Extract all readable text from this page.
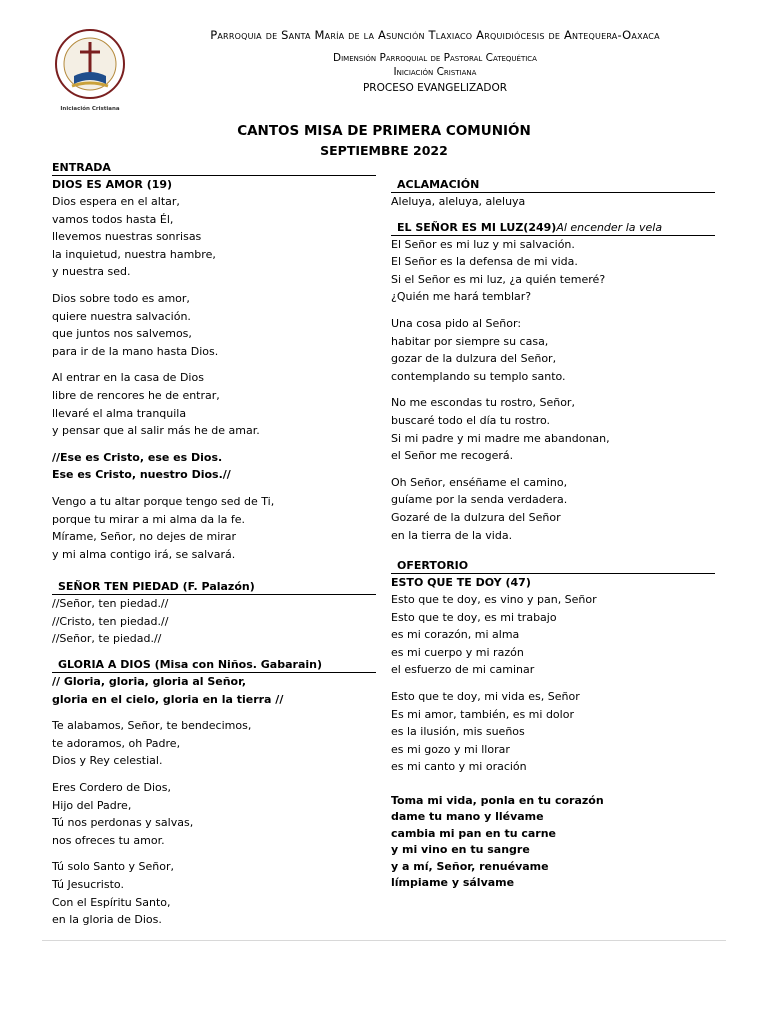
Iniciación Cristiana
Parroquia de Santa María de la Asunción Tlaxiaco Arquidiócesis de Antequera-Oaxaca
Dimensión Parroquial de Pastoral Catequética
Iniciación Cristiana
PROCESO EVANGELIZADOR
CANTOS MISA DE PRIMERA COMUNIÓN
SEPTIEMBRE 2022

ENTRADA

DIOS ES AMOR (19)

Dios espera en el altar,

vamos todos hasta Él,

llevemos nuestras sonrisas

la inquietud, nuestra hambre,

y nuestra sed.

Dios sobre todo es amor,

quiere nuestra salvación.

que juntos nos salvemos,

para ir de la mano hasta Dios.

Al entrar en la casa de Dios

libre de rencores he de entrar,

llevaré el alma tranquila

y pensar que al salir más he de amar.

//Ese es Cristo, ese es Dios.

Ese es Cristo, nuestro Dios.//

Vengo a tu altar porque tengo sed de Ti,

porque tu mirar a mi alma da la fe.

Mírame, Señor, no dejes de mirar

y mi alma contigo irá, se salvará.

SEÑOR TEN PIEDAD (F. Palazón)

//Señor, ten piedad.//

//Cristo, ten piedad.//

//Señor, te piedad.//

GLORIA A DIOS (Misa con Niños. Gabarain)

// Gloria, gloria, gloria al Señor,

gloria en el cielo, gloria en la tierra //

Te alabamos, Señor, te bendecimos,

te adoramos, oh Padre,

Dios y Rey celestial.

Eres Cordero de Dios,

Hijo del Padre,

Tú nos perdonas y salvas,

nos ofreces tu amor.

Tú solo Santo y Señor,

Tú Jesucristo.

Con el Espíritu Santo,

en la gloria de Dios.

ACLAMACIÓN

Aleluya, aleluya, aleluya

EL SEÑOR ES MI LUZ(249)Al encender la vela

El Señor es mi luz y mi salvación.

El Señor es la defensa de mi vida.

Si el Señor es mi luz, ¿a quién temeré?

¿Quién me hará temblar?

Una cosa pido al Señor:

habitar por siempre su casa,

gozar de la dulzura del Señor,

contemplando su templo santo.

No me escondas tu rostro, Señor,

buscaré todo el día tu rostro.

Si mi padre y mi madre me abandonan,

el Señor me recogerá.

Oh Señor, enséñame el camino,

guíame por la senda verdadera.

Gozaré de la dulzura del Señor

en la tierra de la vida.

OFERTORIO

ESTO QUE TE DOY (47)

Esto que te doy, es vino y pan, Señor

Esto que te doy, es mi trabajo

es mi corazón, mi alma

es mi cuerpo y mi razón

el esfuerzo de mi caminar

Esto que te doy, mi vida es, Señor

Es mi amor, también, es mi dolor

es la ilusión, mis sueños

es mi gozo y mi llorar

es mi canto y mi oración

Toma mi vida, ponla en tu corazón

dame tu mano y llévame

cambia mi pan en tu carne

y mi vino en tu sangre

y a mí, Señor, renuévame

límpiame y sálvame
